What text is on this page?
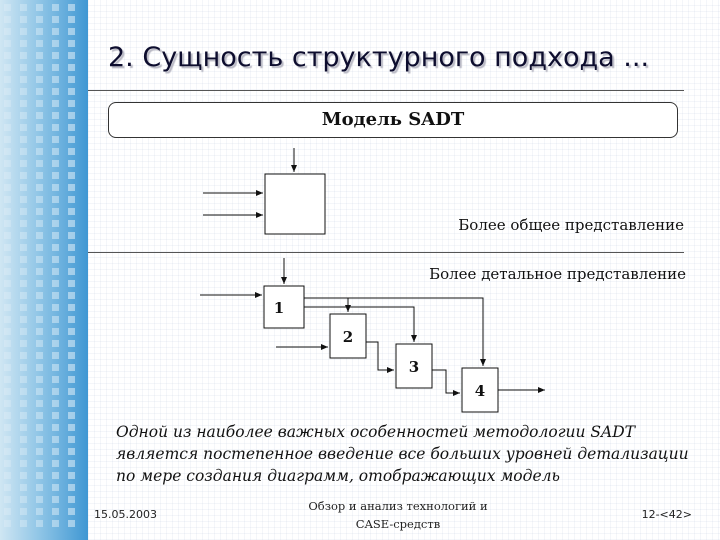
2. Сущность структурного подхода ...
Модель SADT
Более общее представление
Более детальное представление
1
2
3
4
Одной из наиболее важных особенностей методологии SADT
является постепенное введение все больших уровней детализации
по мере создания диаграмм, отображающих модель
15.05.2003
Обзор и анализ технологий и
CASE-средств
12-<42>
